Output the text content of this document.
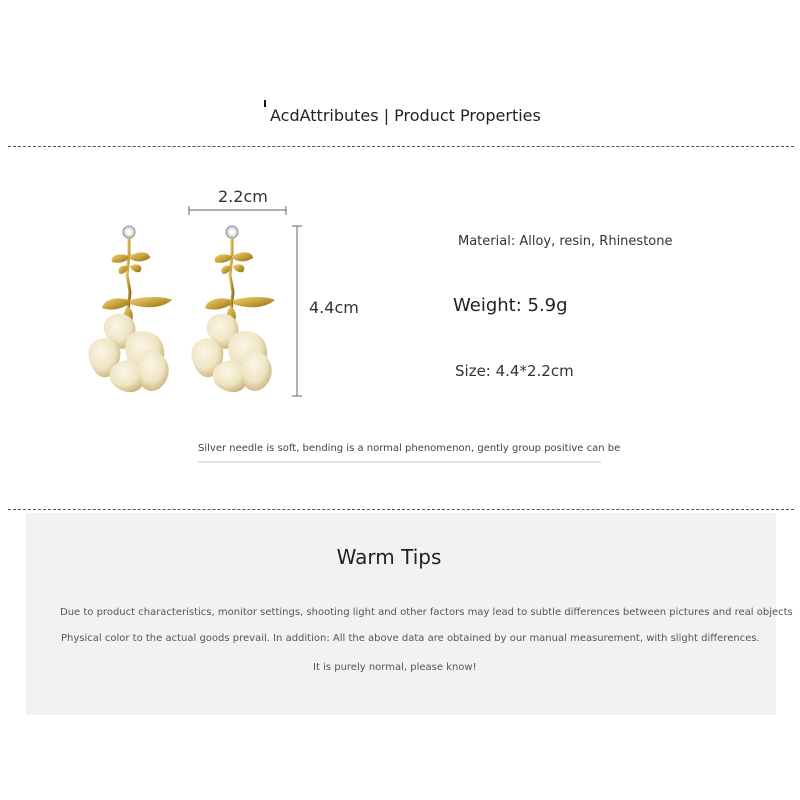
AcdAttributes | Product Properties
2.2cm
4.4cm
Material: Alloy, resin, Rhinestone
Weight: 5.9g
Size: 4.4*2.2cm
Silver needle is soft, bending is a normal phenomenon, gently group positive can be
Warm Tips
Due to product characteristics, monitor settings, shooting light and other factors may lead to subtle differences between pictures and real objects
Physical color to the actual goods prevail. In addition: All the above data are obtained by our manual measurement, with slight differences.
It is purely normal, please know!
